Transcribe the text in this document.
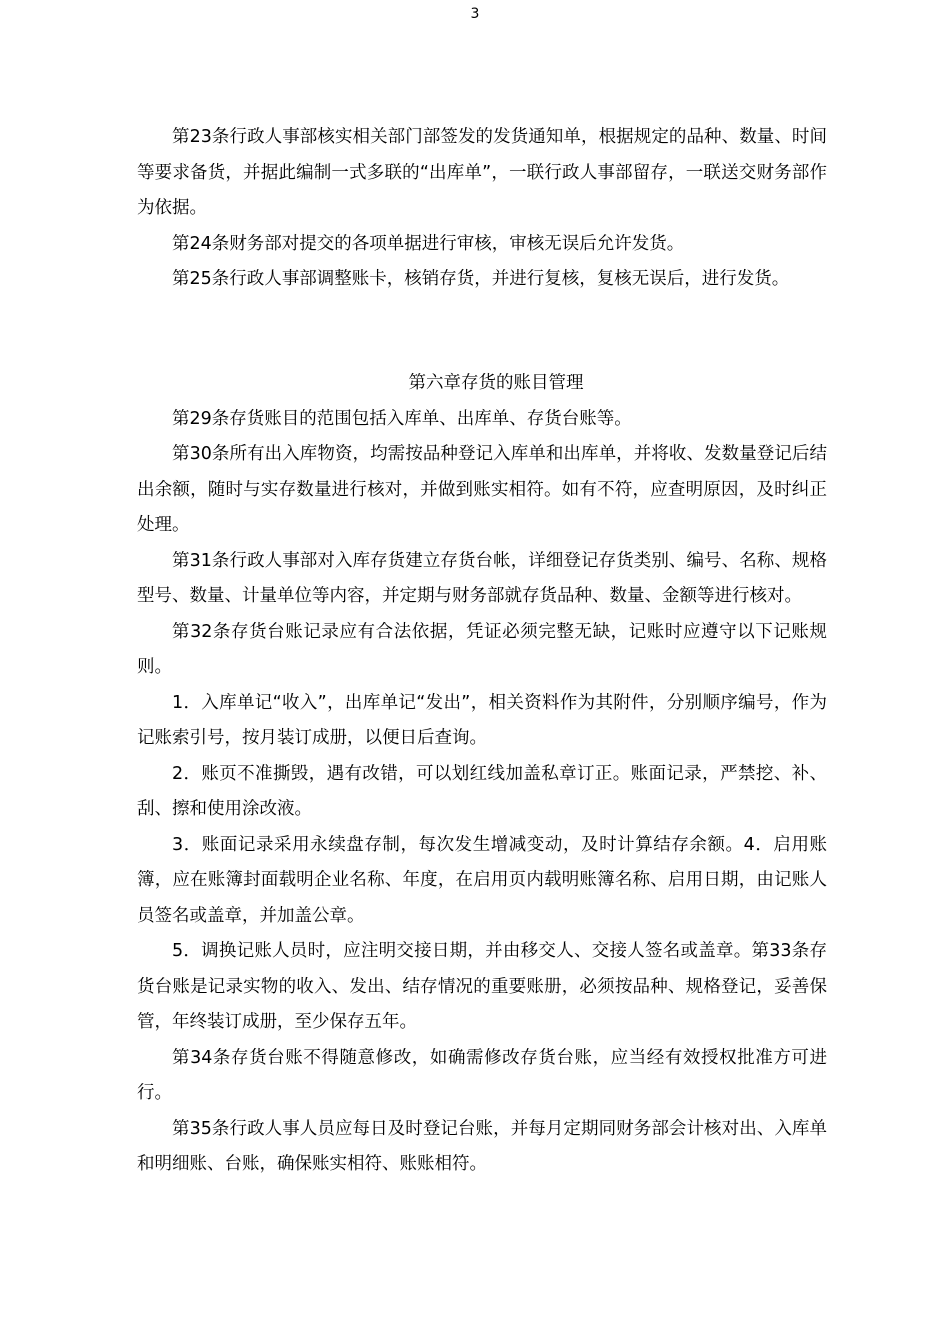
3

第23条行政人事部核实相关部门部签发的发货通知单，根据规定的品种、数量、时间等要求备货，并据此编制一式多联的“出库单”，一联行政人事部留存，一联送交财务部作为依据。

第24条财务部对提交的各项单据进行审核，审核无误后允许发货。

第25条行政人事部调整账卡，核销存货，并进行复核，复核无误后，进行发货。

第六章存货的账目管理

第29条存货账目的范围包括入库单、出库单、存货台账等。

第30条所有出入库物资，均需按品种登记入库单和出库单，并将收、发数量登记后结出余额，随时与实存数量进行核对，并做到账实相符。如有不符，应查明原因，及时纠正处理。

第31条行政人事部对入库存货建立存货台帐，详细登记存货类别、编号、名称、规格型号、数量、计量单位等内容，并定期与财务部就存货品种、数量、金额等进行核对。

第32条存货台账记录应有合法依据，凭证必须完整无缺，记账时应遵守以下记账规则。

1．入库单记“收入”，出库单记“发出”，相关资料作为其附件，分别顺序编号，作为记账索引号，按月装订成册，以便日后查询。

2．账页不准撕毁，遇有改错，可以划红线加盖私章订正。账面记录，严禁挖、补、刮、擦和使用涂改液。

3．账面记录采用永续盘存制，每次发生增减变动，及时计算结存余额。4．启用账簿，应在账簿封面载明企业名称、年度，在启用页内载明账簿名称、启用日期，由记账人员签名或盖章，并加盖公章。

5．调换记账人员时，应注明交接日期，并由移交人、交接人签名或盖章。第33条存货台账是记录实物的收入、发出、结存情况的重要账册，必须按品种、规格登记，妥善保管，年终装订成册，至少保存五年。

第34条存货台账不得随意修改，如确需修改存货台账，应当经有效授权批准方可进行。

第35条行政人事人员应每日及时登记台账，并每月定期同财务部会计核对出、入库单和明细账、台账，确保账实相符、账账相符。
